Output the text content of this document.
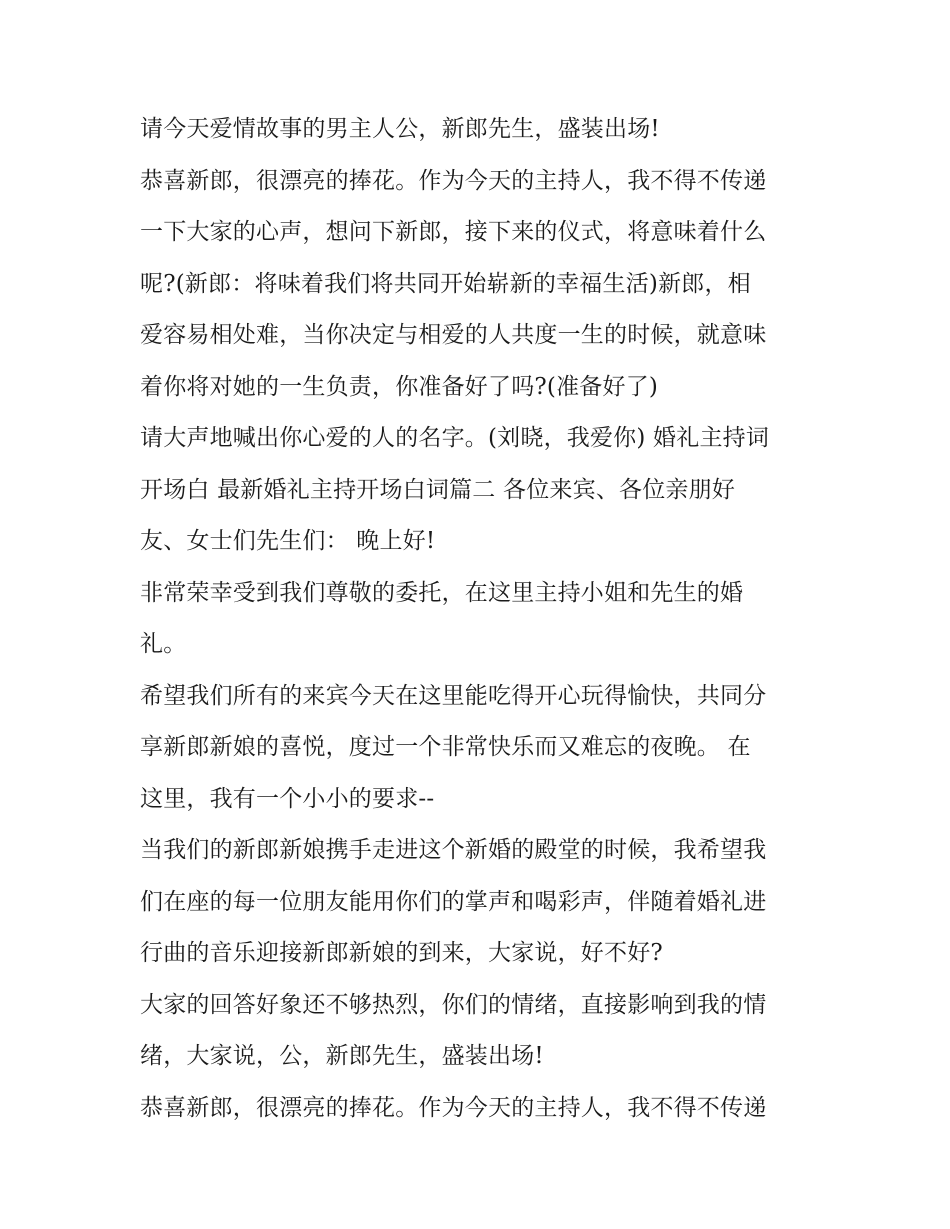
请今天爱情故事的男主人公，新郎先生，盛装出场!
恭喜新郎，很漂亮的捧花。作为今天的主持人，我不得不传递
一下大家的心声，想问下新郎，接下来的仪式，将意味着什么
呢?(新郎：将味着我们将共同开始崭新的幸福生活)新郎，相
爱容易相处难，当你决定与相爱的人共度一生的时候，就意味
着你将对她的一生负责，你准备好了吗?(准备好了)
请大声地喊出你心爱的人的名字。(刘晓，我爱你) 婚礼主持词
开场白 最新婚礼主持开场白词篇二 各位来宾、各位亲朋好
友、女士们先生们： 晚上好!
非常荣幸受到我们尊敬的委托，在这里主持小姐和先生的婚
礼。
希望我们所有的来宾今天在这里能吃得开心玩得愉快，共同分
享新郎新娘的喜悦，度过一个非常快乐而又难忘的夜晚。 在
这里，我有一个小小的要求--
当我们的新郎新娘携手走进这个新婚的殿堂的时候，我希望我
们在座的每一位朋友能用你们的掌声和喝彩声，伴随着婚礼进
行曲的音乐迎接新郎新娘的到来，大家说，好不好?
大家的回答好象还不够热烈，你们的情绪，直接影响到我的情
绪，大家说，公，新郎先生，盛装出场!
恭喜新郎，很漂亮的捧花。作为今天的主持人，我不得不传递
